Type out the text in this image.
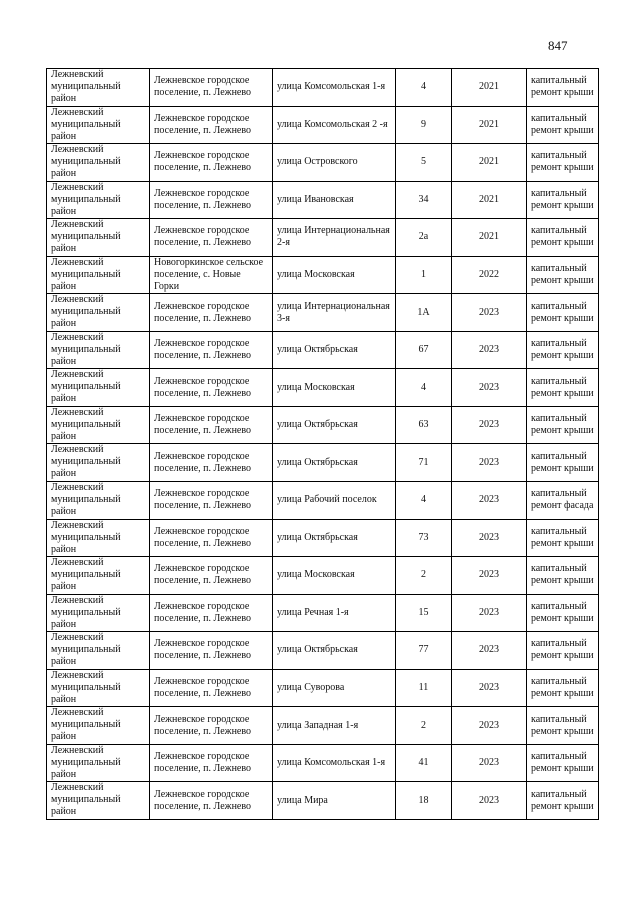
847
Лежневский муниципальный район	Лежневское городское поселение, п. Лежнево	улица Комсомольская 1-я	4	2021	капитальный ремонт крыши

Лежневский муниципальный район	Лежневское городское поселение, п. Лежнево	улица Комсомольская 2 -я	9	2021	капитальный ремонт крыши

Лежневский муниципальный район	Лежневское городское поселение, п. Лежнево	улица Островского	5	2021	капитальный ремонт крыши

Лежневский муниципальный район	Лежневское городское поселение, п. Лежнево	улица Ивановская	34	2021	капитальный ремонт крыши

Лежневский муниципальный район	Лежневское городское поселение, п. Лежнево	улица Интернациональная 2-я	2а	2021	капитальный ремонт крыши

Лежневский муниципальный район	Новогоркинское сельское поселение, с. Новые Горки	улица Московская	1	2022	капитальный ремонт крыши

Лежневский муниципальный район	Лежневское городское поселение, п. Лежнево	улица Интернациональная 3-я	1А	2023	капитальный ремонт крыши

Лежневский муниципальный район	Лежневское городское поселение, п. Лежнево	улица Октябрьская	67	2023	капитальный ремонт крыши

Лежневский муниципальный район	Лежневское городское поселение, п. Лежнево	улица Московская	4	2023	капитальный ремонт крыши

Лежневский муниципальный район	Лежневское городское поселение, п. Лежнево	улица Октябрьская	63	2023	капитальный ремонт крыши

Лежневский муниципальный район	Лежневское городское поселение, п. Лежнево	улица Октябрьская	71	2023	капитальный ремонт крыши

Лежневский муниципальный район	Лежневское городское поселение, п. Лежнево	улица Рабочий поселок	4	2023	капитальный ремонт фасада

Лежневский муниципальный район	Лежневское городское поселение, п. Лежнево	улица Октябрьская	73	2023	капитальный ремонт крыши

Лежневский муниципальный район	Лежневское городское поселение, п. Лежнево	улица Московская	2	2023	капитальный ремонт крыши

Лежневский муниципальный район	Лежневское городское поселение, п. Лежнево	улица Речная 1-я	15	2023	капитальный ремонт крыши

Лежневский муниципальный район	Лежневское городское поселение, п. Лежнево	улица Октябрьская	77	2023	капитальный ремонт крыши

Лежневский муниципальный район	Лежневское городское поселение, п. Лежнево	улица Суворова	11	2023	капитальный ремонт крыши

Лежневский муниципальный район	Лежневское городское поселение, п. Лежнево	улица Западная 1-я	2	2023	капитальный ремонт крыши

Лежневский муниципальный район	Лежневское городское поселение, п. Лежнево	улица Комсомольская 1-я	41	2023	капитальный ремонт крыши

Лежневский муниципальный район	Лежневское городское поселение, п. Лежнево	улица Мира	18	2023	капитальный ремонт крыши
